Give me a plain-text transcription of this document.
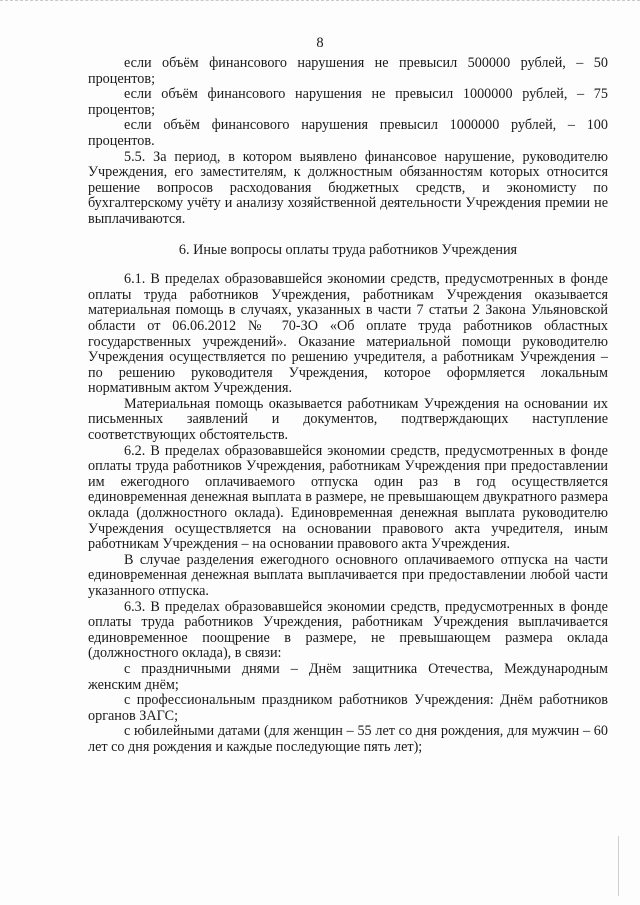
8

если объём финансового нарушения не превысил 500000 рублей, – 50 процентов;

если объём финансового нарушения не превысил 1000000 рублей, – 75 процентов;

если объём финансового нарушения превысил 1000000 рублей, – 100 процентов.

5.5. За период, в котором выявлено финансовое нарушение, руководителю Учреждения, его заместителям, к должностным обязанностям которых относится решение вопросов расходования бюджетных средств, и экономисту по бухгалтерскому учёту и анализу хозяйственной деятельности Учреждения премии не выплачиваются.

6. Иные вопросы оплаты труда работников Учреждения

6.1. В пределах образовавшейся экономии средств, предусмотренных в фонде оплаты труда работников Учреждения, работникам Учреждения оказывается материальная помощь в случаях, указанных в части 7 статьи 2 Закона Ульяновской области от 06.06.2012 № 70-ЗО «Об оплате труда работников областных государственных учреждений». Оказание материальной помощи руководителю Учреждения осуществляется по решению учредителя, а работникам Учреждения – по решению руководителя Учреждения, которое оформляется локальным нормативным актом Учреждения.

Материальная помощь оказывается работникам Учреждения на основании их письменных заявлений и документов, подтверждающих наступление соответствующих обстоятельств.

6.2. В пределах образовавшейся экономии средств, предусмотренных в фонде оплаты труда работников Учреждения, работникам Учреждения при предоставлении им ежегодного оплачиваемого отпуска один раз в год осуществляется единовременная денежная выплата в размере, не превышающем двукратного размера оклада (должностного оклада). Единовременная денежная выплата руководителю Учреждения осуществляется на основании правового акта учредителя, иным работникам Учреждения – на основании правового акта Учреждения.

В случае разделения ежегодного основного оплачиваемого отпуска на части единовременная денежная выплата выплачивается при предоставлении любой части указанного отпуска.

6.3. В пределах образовавшейся экономии средств, предусмотренных в фонде оплаты труда работников Учреждения, работникам Учреждения выплачивается единовременное поощрение в размере, не превышающем размера оклада (должностного оклада), в связи:

с праздничными днями – Днём защитника Отечества, Международным женским днём;

с профессиональным праздником работников Учреждения: Днём работников органов ЗАГС;

с юбилейными датами (для женщин – 55 лет со дня рождения, для мужчин – 60 лет со дня рождения и каждые последующие пять лет);
